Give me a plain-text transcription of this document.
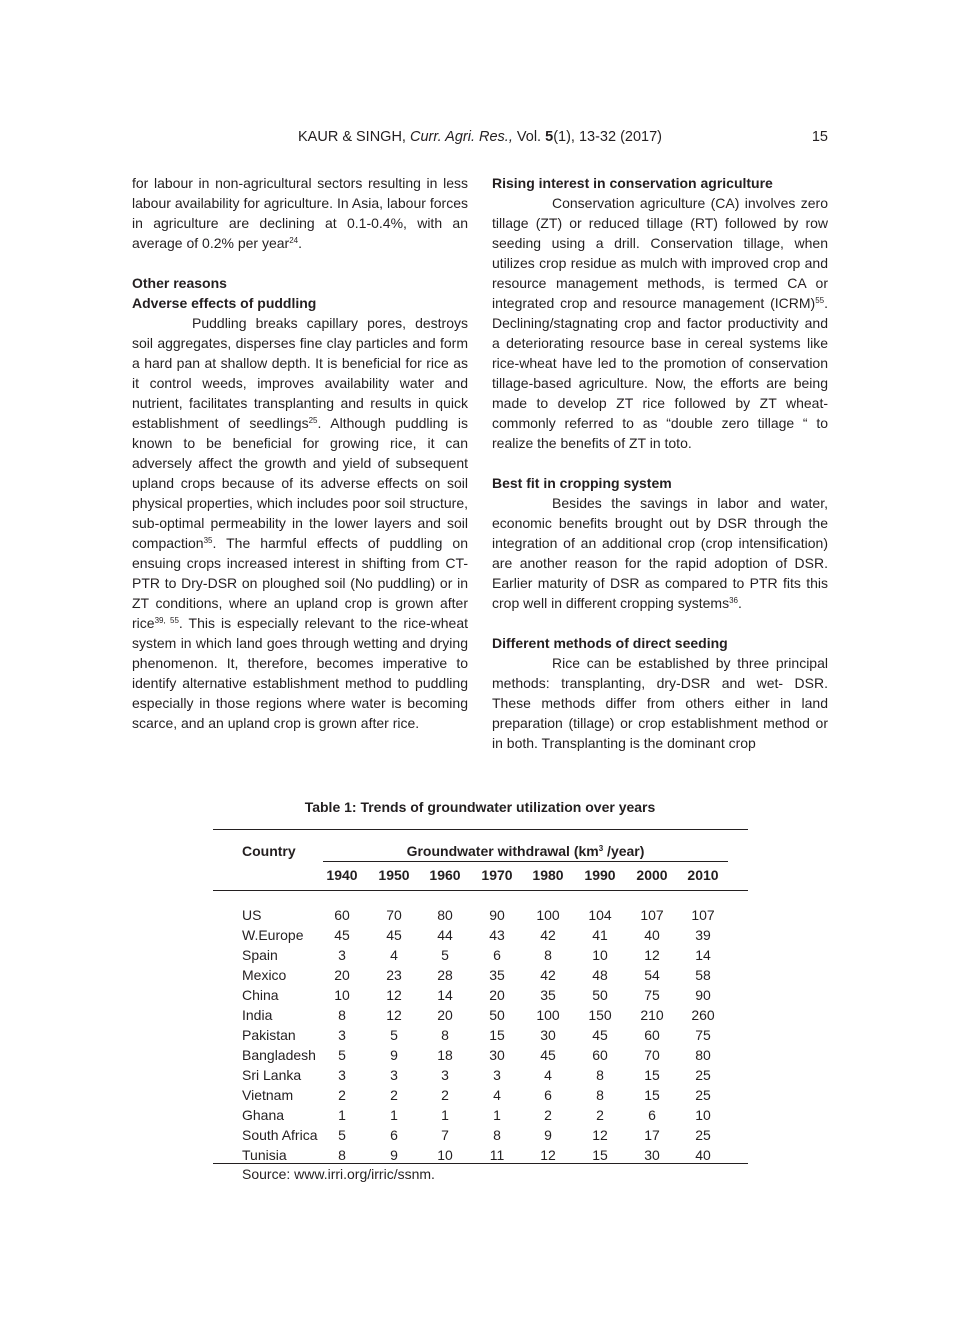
KAUR & SINGH, Curr. Agri. Res., Vol. 5(1), 13-32 (2017)	15

for labour in non-agricultural sectors resulting in less labour availability for agriculture. In Asia, labour forces in agriculture are declining at 0.1-0.4%, with an average of 0.2% per year$^{24}$.

Other reasons
Adverse effects of puddling

Puddling breaks capillary pores, destroys soil aggregates, disperses fine clay particles and form a hard pan at shallow depth. It is beneficial for rice as it control weeds, improves availability water and nutrient, facilitates transplanting and results in quick establishment of seedlings$^{25}$. Although puddling is known to be beneficial for growing rice, it can adversely affect the growth and yield of subsequent upland crops because of its adverse effects on soil physical properties, which includes poor soil structure, sub-optimal permeability in the lower layers and soil compaction$^{35}$. The harmful effects of puddling on ensuing crops increased interest in shifting from CT-PTR to Dry-DSR on ploughed soil (No puddling) or in ZT conditions, where an upland crop is grown after rice$^{39, 55}$. This is especially relevant to the rice-wheat system in which land goes through wetting and drying phenomenon. It, therefore, becomes imperative to identify alternative establishment method to puddling especially in those regions where water is becoming scarce, and an upland crop is grown after rice.

Rising interest in conservation agriculture

Conservation agriculture (CA) involves zero tillage (ZT) or reduced tillage (RT) followed by row seeding using a drill. Conservation tillage, when utilizes crop residue as mulch with improved crop and resource management methods, is termed CA or integrated crop and resource management (ICRM)$^{55}$. Declining/stagnating crop and factor productivity and a deteriorating resource base in cereal systems like rice-wheat have led to the promotion of conservation tillage-based agriculture. Now, the efforts are being made to develop ZT rice followed by ZT wheat- commonly referred to as “double zero tillage “ to realize the benefits of ZT in toto.

Best fit in cropping system

Besides the savings in labor and water, economic benefits brought out by DSR through the integration of an additional crop (crop intensification) are another reason for the rapid adoption of DSR. Earlier maturity of DSR as compared to PTR fits this crop well in different cropping systems$^{36}$.

Different methods of direct seeding

Rice can be established by three principal methods: transplanting, dry-DSR and wet- DSR. These methods differ from others either in land preparation (tillage) or crop establishment method or in both. Transplanting is the dominant crop

Table 1: Trends of groundwater utilization over years
Country	Groundwater withdrawal ($km^3$ /year)
1940	1950	1960	1970	1980	1990	2000	2010
US	60	70	80	90	100	104	107	107
W.Europe	45	45	44	43	42	41	40	39
Spain	3	4	5	6	8	10	12	14
Mexico	20	23	28	35	42	48	54	58
China	10	12	14	20	35	50	75	90
India	8	12	20	50	100	150	210	260
Pakistan	3	5	8	15	30	45	60	75
Bangladesh	5	9	18	30	45	60	70	80
Sri Lanka	3	3	3	3	4	8	15	25
Vietnam	2	2	2	4	6	8	15	25
Ghana	1	1	1	1	2	2	6	10
South Africa	5	6	7	8	9	12	17	25
Tunisia	8	9	10	11	12	15	30	40
Source: www.irri.org/irric/ssnm.
